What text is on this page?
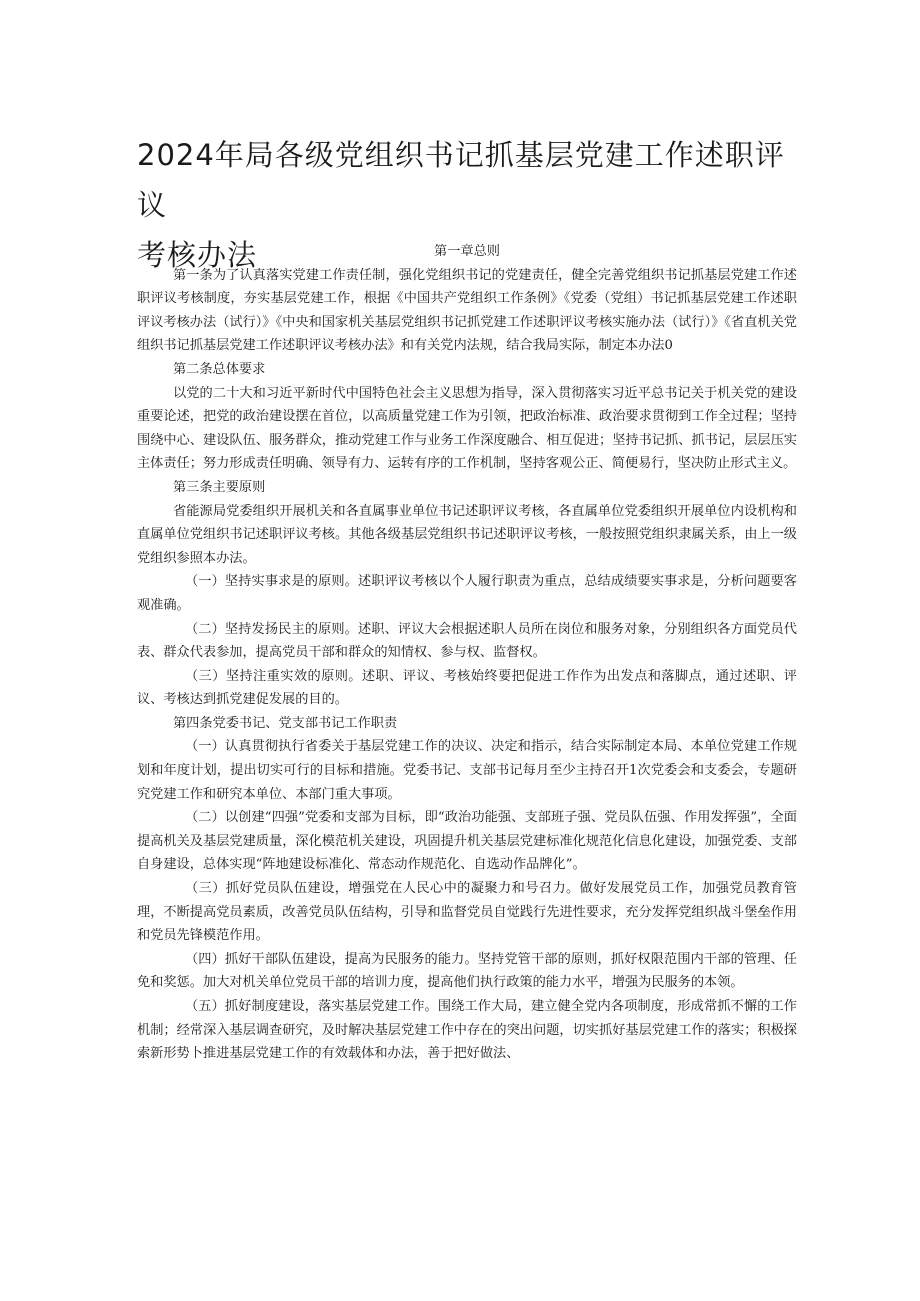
2024年局各级党组织书记抓基层党建工作述职评议
考核办法	第一章总则

第一条为了认真落实党建工作责任制，强化党组织书记的党建责任，健全完善党组织书记抓基层党建工作述职评议考核制度，夯实基层党建工作，根据《中国共产党组织工作条例》《党委（党组）书记抓基层党建工作述职评议考核办法（试行）》《中央和国家机关基层党组织书记抓党建工作述职评议考核实施办法（试行）》《省直机关党组织书记抓基层党建工作述职评议考核办法》和有关党内法规，结合我局实际，制定本办法0

第二条总体要求

以党的二十大和习近平新时代中国特色社会主义思想为指导，深入贯彻落实习近平总书记关于机关党的建设重要论述，把党的政治建设摆在首位，以高质量党建工作为引领，把政治标准、政治要求贯彻到工作全过程；坚持围绕中心、建设队伍、服务群众，推动党建工作与业务工作深度融合、相互促进；坚持书记抓、抓书记，层层压实主体责任；努力形成责任明确、领导有力、运转有序的工作机制，坚持客观公正、简便易行，坚决防止形式主义。

第三条主要原则

省能源局党委组织开展机关和各直属事业单位书记述职评议考核，各直属单位党委组织开展单位内设机构和直属单位党组织书记述职评议考核。其他各级基层党组织书记述职评议考核，一般按照党组织隶属关系，由上一级党组织参照本办法。

（一）坚持实事求是的原则。述职评议考核以个人履行职责为重点，总结成绩要实事求是，分析问题要客观准确。

（二）坚持发扬民主的原则。述职、评议大会根据述职人员所在岗位和服务对象，分别组织各方面党员代表、群众代表参加，提高党员干部和群众的知情权、参与权、监督权。

（三）坚持注重实效的原则。述职、评议、考核始终要把促进工作作为出发点和落脚点，通过述职、评议、考核达到抓党建促发展的目的。

第四条党委书记、党支部书记工作职责

（一）认真贯彻执行省委关于基层党建工作的决议、决定和指示，结合实际制定本局、本单位党建工作规划和年度计划，提出切实可行的目标和措施。党委书记、支部书记每月至少主持召开1次党委会和支委会，专题研究党建工作和研究本单位、本部门重大事项。

（二）以创建“四强”党委和支部为目标，即“政治功能强、支部班子强、党员队伍强、作用发挥强”，全面提高机关及基层党建质量，深化模范机关建设，巩固提升机关基层党建标准化规范化信息化建设，加强党委、支部自身建设，总体实现“阵地建设标准化、常态动作规范化、自选动作品牌化”。

（三）抓好党员队伍建设，增强党在人民心中的凝聚力和号召力。做好发展党员工作，加强党员教育管理，不断提高党员素质，改善党员队伍结构，引导和监督党员自觉践行先进性要求，充分发挥党组织战斗堡垒作用和党员先锋模范作用。

（四）抓好干部队伍建设，提高为民服务的能力。坚持党管干部的原则，抓好权限范围内干部的管理、任免和奖惩。加大对机关单位党员干部的培训力度，提高他们执行政策的能力水平，增强为民服务的本领。

（五）抓好制度建设，落实基层党建工作。围绕工作大局，建立健全党内各项制度，形成常抓不懈的工作机制；经常深入基层调查研究，及时解决基层党建工作中存在的突出问题，切实抓好基层党建工作的落实；积极探索新形势卜推进基层党建工作的有效载体和办法，善于把好做法、
